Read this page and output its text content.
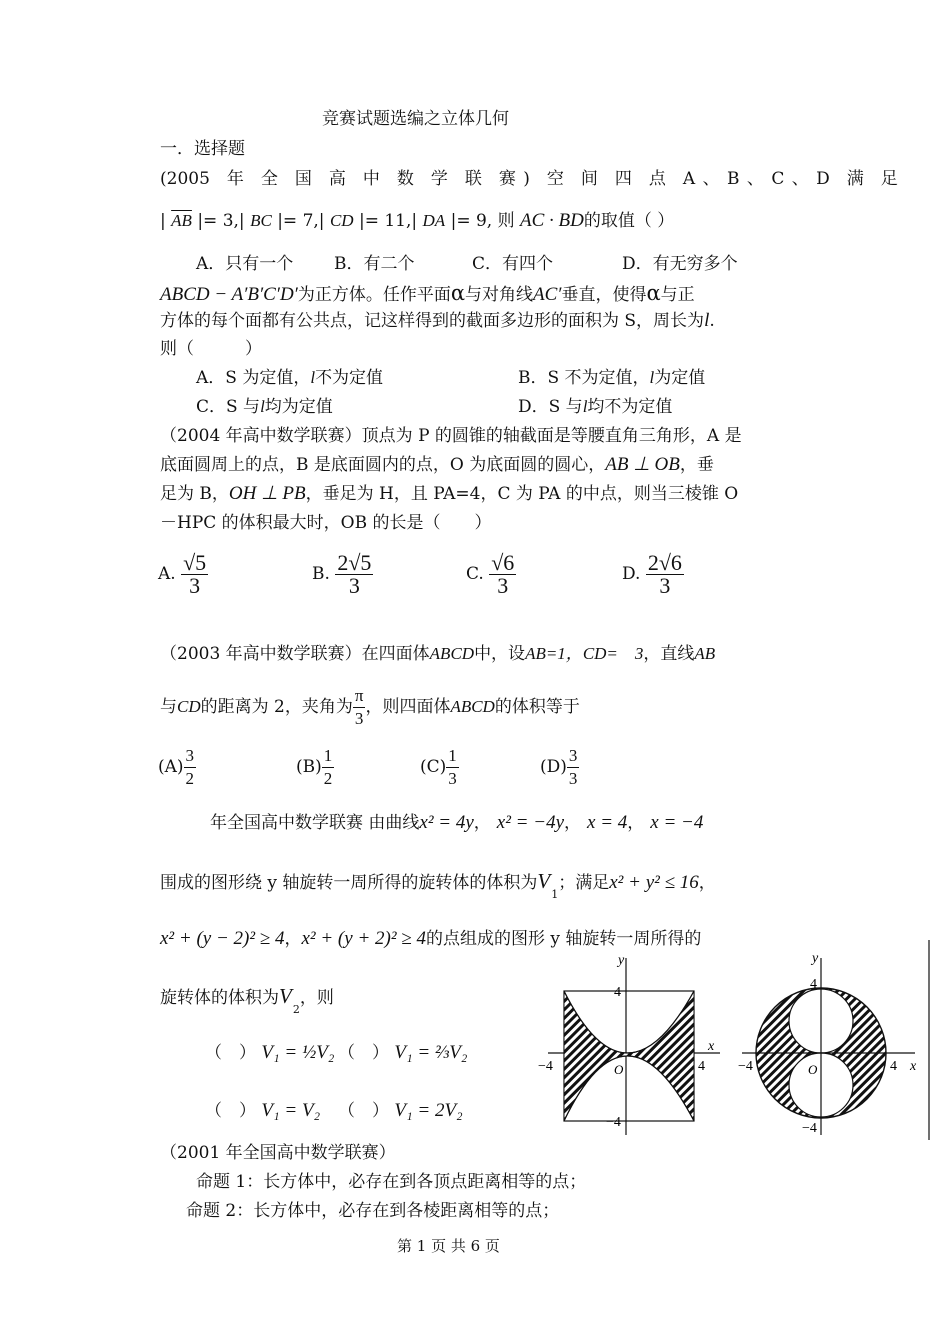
竞赛试题选编之立体几何
一．选择题
(2005　年　全　国　高　中　数　学　联　赛 )　空　间　四　点　A 、 B 、 C 、 D　满　足
| $\overline{AB}$ |= 3,| BC |= 7,| CD |= 11,| DA |= 9, 则 AC · BD的取值（ ）
A．只有一个 B．有二个	C．有四个	D．有无穷多个
ABCD − A′B′C′D′为正方体。任作平面α与对角线AC′垂直，使得α与正
方体的每个面都有公共点，记这样得到的截面多边形的面积为 S，周长为l.
则（　　　）
A．S 为定值，l不为定值	B．S 不为定值，l为定值
C．S 与l均为定值	D．S 与l均不为定值
（2004 年高中数学联赛）顶点为 P 的圆锥的轴截面是等腰直角三角形，A 是
底面圆周上的点，B 是底面圆内的点，O 为底面圆的圆心，AB ⊥ OB，垂
足为 B，OH ⊥ PB，垂足为 H，且 PA=4，C 为 PA 的中点，则当三棱锥 O
－HPC 的体积最大时，OB 的长是（　　）
A. $\frac{√5}{3}$	B. $\frac{2√5}{3}$	C. $\frac{√6}{3}$	D. $\frac{2√6}{3}$
（2003 年高中数学联赛）在四面体ABCD中，设AB=1，CD=　3，直线AB
与CD的距离为 2，夹角为 $\frac{\pi}{3}$ ，则四面体ABCD的体积等于
$(A) \frac{3}{2}$	$(B) \frac{1}{2}$	$(C) \frac{1}{3}$	$(D) \frac{3}{3}$
年全国高中数学联赛 由曲线x² = 4y， x² = −4y， x = 4， x = −4
围成的图形绕 y 轴旋转一周所得的旋转体的体积为$V_1$；满足x² + y² ≤ 16，
x² + (y − 2)² ≥ 4，x² + (y + 2)² ≥ 4的点组成的图形 y 轴旋转一周所得的
旋转体的体积为$V_2$，则
（　） V₁ = ½V₂ （　） V₁ = ⅔V₂
（　） V₁ = V₂ （　） V₁ = 2V₂
y
x
O
4
−4
−4	4
y
x
O
4
−4
−4	4
（2001 年全国高中数学联赛）
命题 1：长方体中，必存在到各顶点距离相等的点；
命题 2：长方体中，必存在到各棱距离相等的点；
第 1 页 共 6 页
